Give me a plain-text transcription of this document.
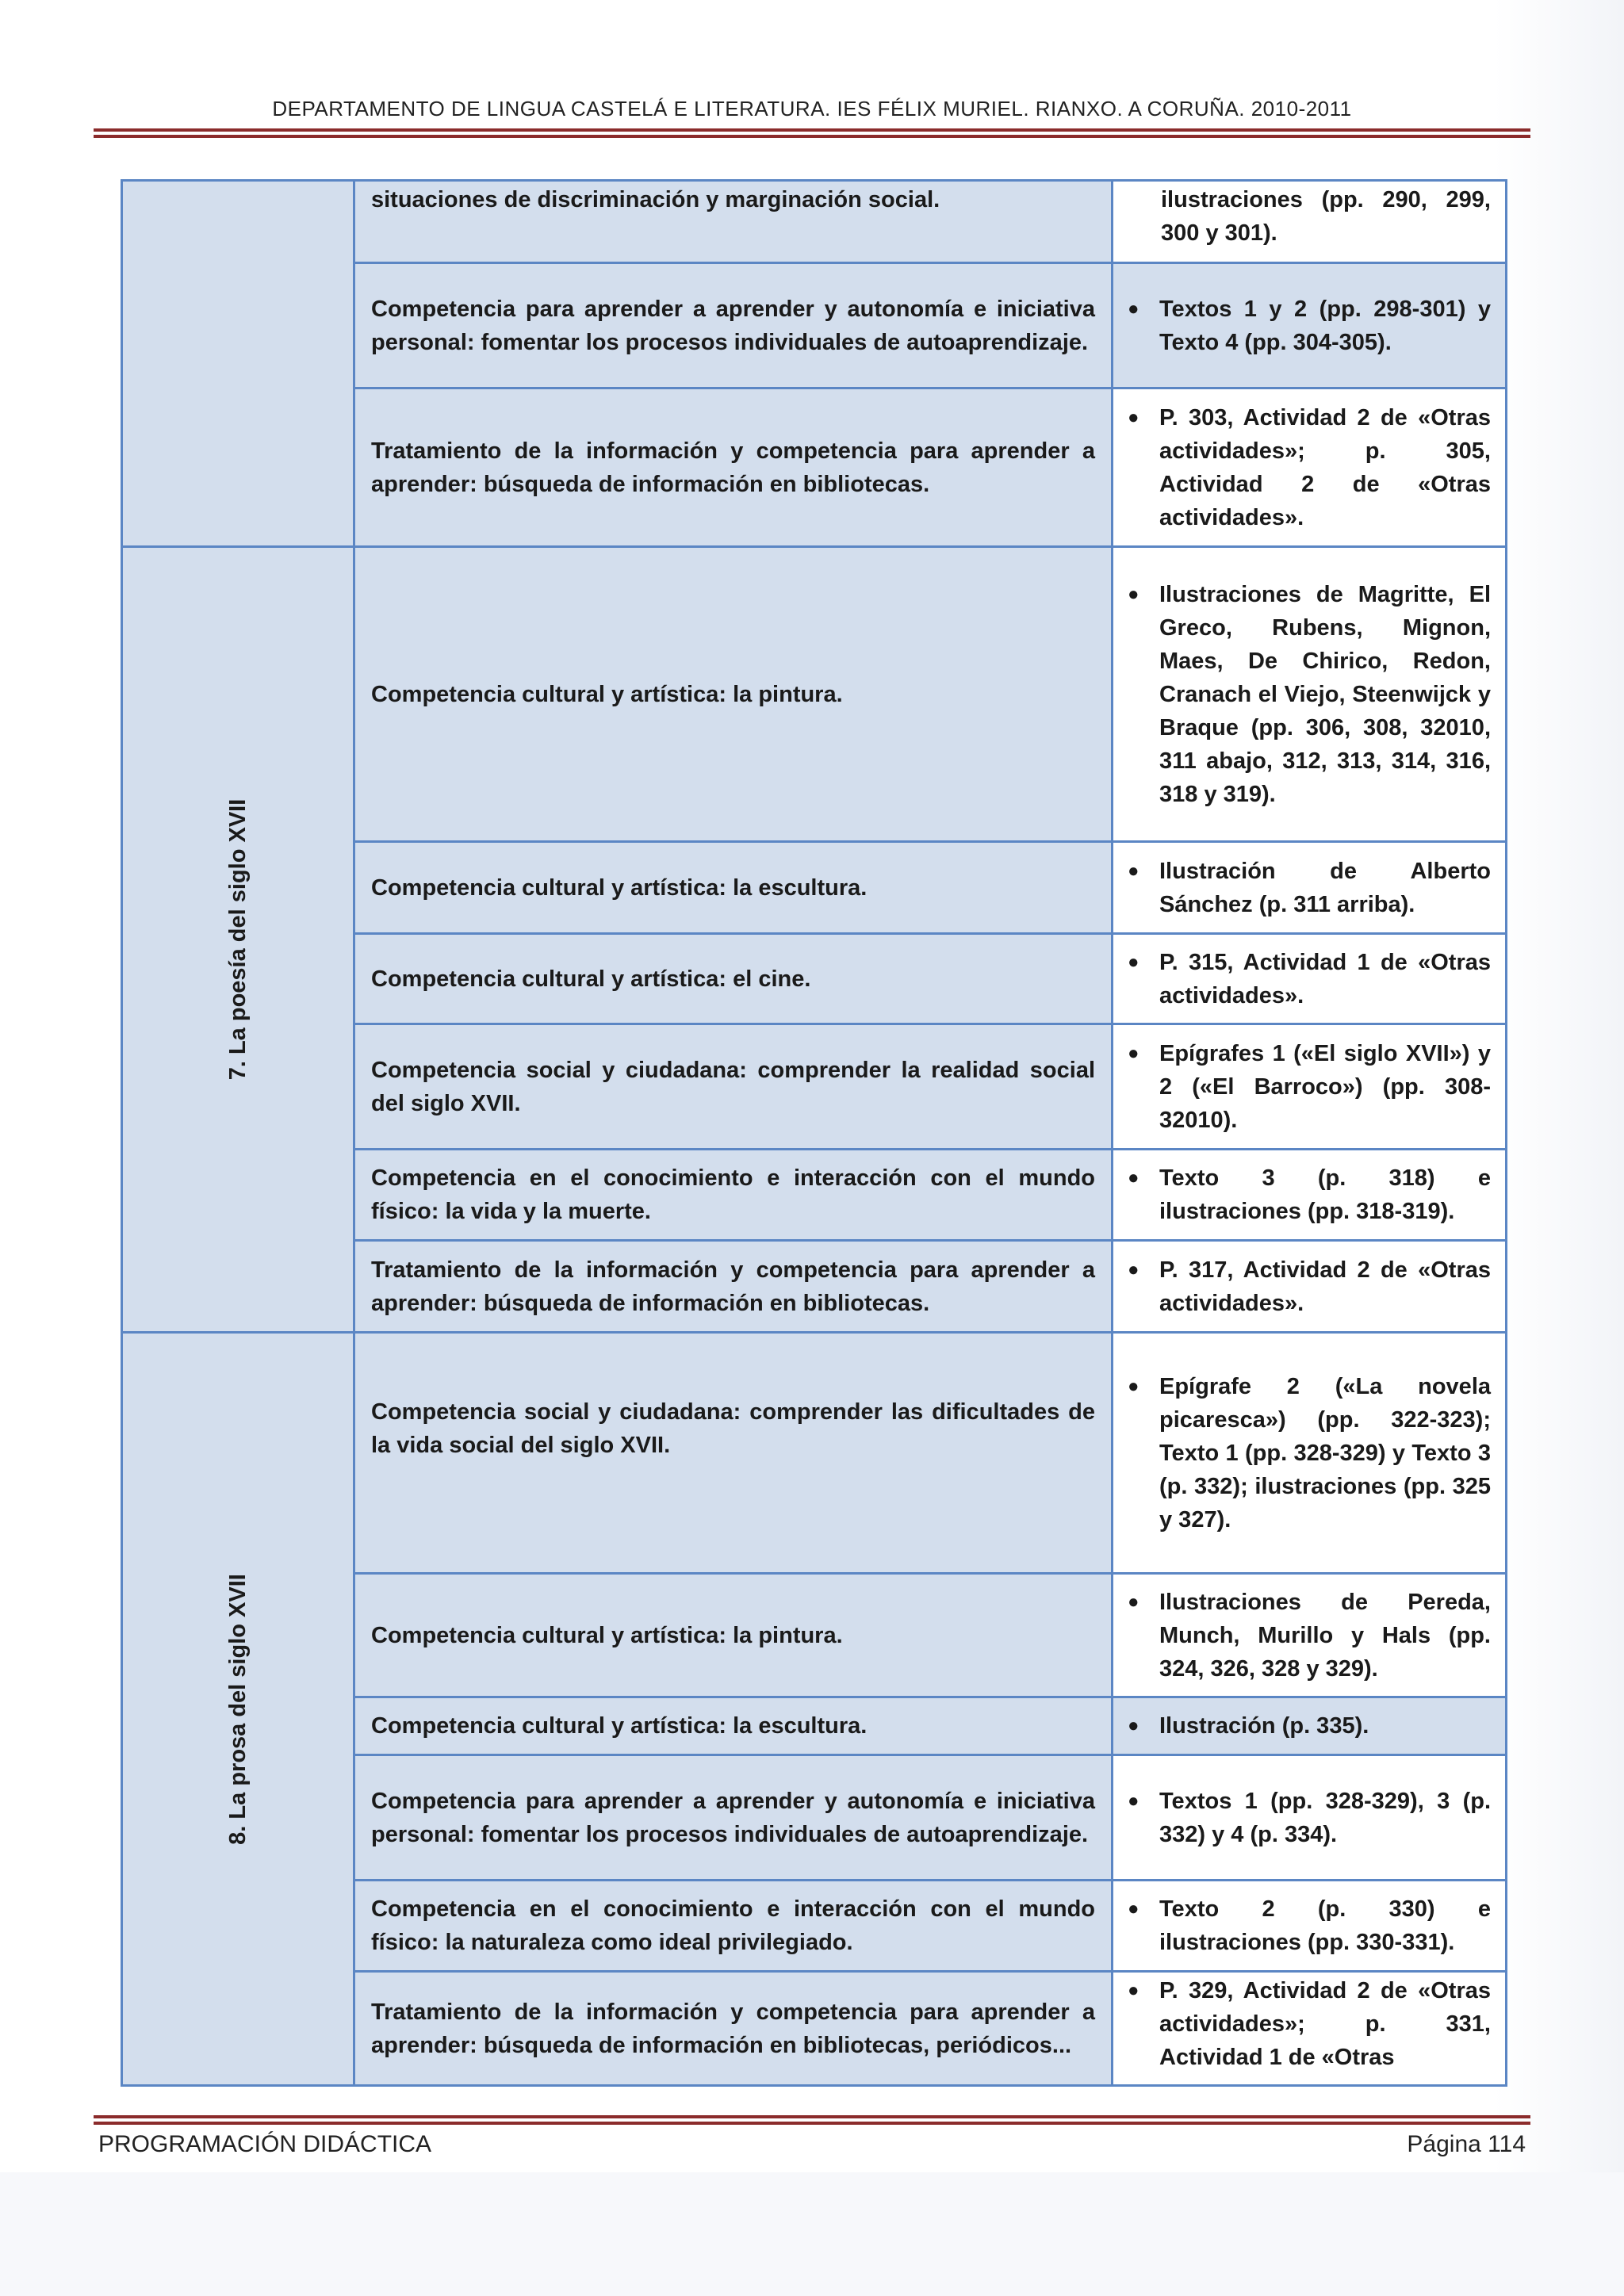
DEPARTAMENTO DE LINGUA CASTELÁ E LITERATURA. IES FÉLIX MURIEL. RIANXO. A CORUÑA. 2010-2011
	situaciones de discriminación y marginación social.	ilustraciones (pp. 290, 299, 300 y 301).
	Competencia para aprender a aprender y autonomía e iniciativa personal: fomentar los procesos individuales de autoaprendizaje.	● Textos 1 y 2 (pp. 298-301) y Texto 4 (pp. 304-305).

	Tratamiento de la información y competencia para aprender a aprender: búsqueda de información en bibliotecas.	● P. 303, Actividad 2 de «Otras actividades»; p. 305, Actividad 2 de «Otras actividades».

7. La poesía del siglo XVII	Competencia cultural y artística: la pintura.	● Ilustraciones de Magritte, El Greco, Rubens, Mignon, Maes, De Chirico, Redon, Cranach el Viejo, Steenwijck y Braque (pp. 306, 308, 32010, 311 abajo, 312, 313, 314, 316, 318 y 319).

	Competencia cultural y artística: la escultura.	● Ilustración de Alberto Sánchez (p. 311 arriba).

	Competencia cultural y artística: el cine.	● P. 315, Actividad 1 de «Otras actividades».

	Competencia social y ciudadana: comprender la realidad social del siglo XVII.	● Epígrafes 1 («El siglo XVII») y 2 («El Barroco») (pp. 308-32010).

	Competencia en el conocimiento e interacción con el mundo físico: la vida y la muerte.	● Texto 3 (p. 318) e ilustraciones (pp. 318-319).

	Tratamiento de la información y competencia para aprender a aprender: búsqueda de información en bibliotecas.	● P. 317, Actividad 2 de «Otras actividades».

8. La prosa del siglo XVII	Competencia social y ciudadana: comprender las dificultades de la vida social del siglo XVII.	● Epígrafe 2 («La novela picaresca») (pp. 322-323); Texto 1 (pp. 328-329) y Texto 3 (p. 332); ilustraciones (pp. 325 y 327).

	Competencia cultural y artística: la pintura.	● Ilustraciones de Pereda, Munch, Murillo y Hals (pp. 324, 326, 328 y 329).

	Competencia cultural y artística: la escultura.	● Ilustración (p. 335).

	Competencia para aprender a aprender y autonomía e iniciativa personal: fomentar los procesos individuales de autoaprendizaje.	● Textos 1 (pp. 328-329), 3 (p. 332) y 4 (p. 334).

	Competencia en el conocimiento e interacción con el mundo físico: la naturaleza como ideal privilegiado.	● Texto 2 (p. 330) e ilustraciones (pp. 330-331).

	Tratamiento de la información y competencia para aprender a aprender: búsqueda de información en bibliotecas, periódicos...	● P. 329, Actividad 2 de «Otras actividades»; p. 331, Actividad 1 de «Otras
PROGRAMACIÓN DIDÁCTICA	Página 114
